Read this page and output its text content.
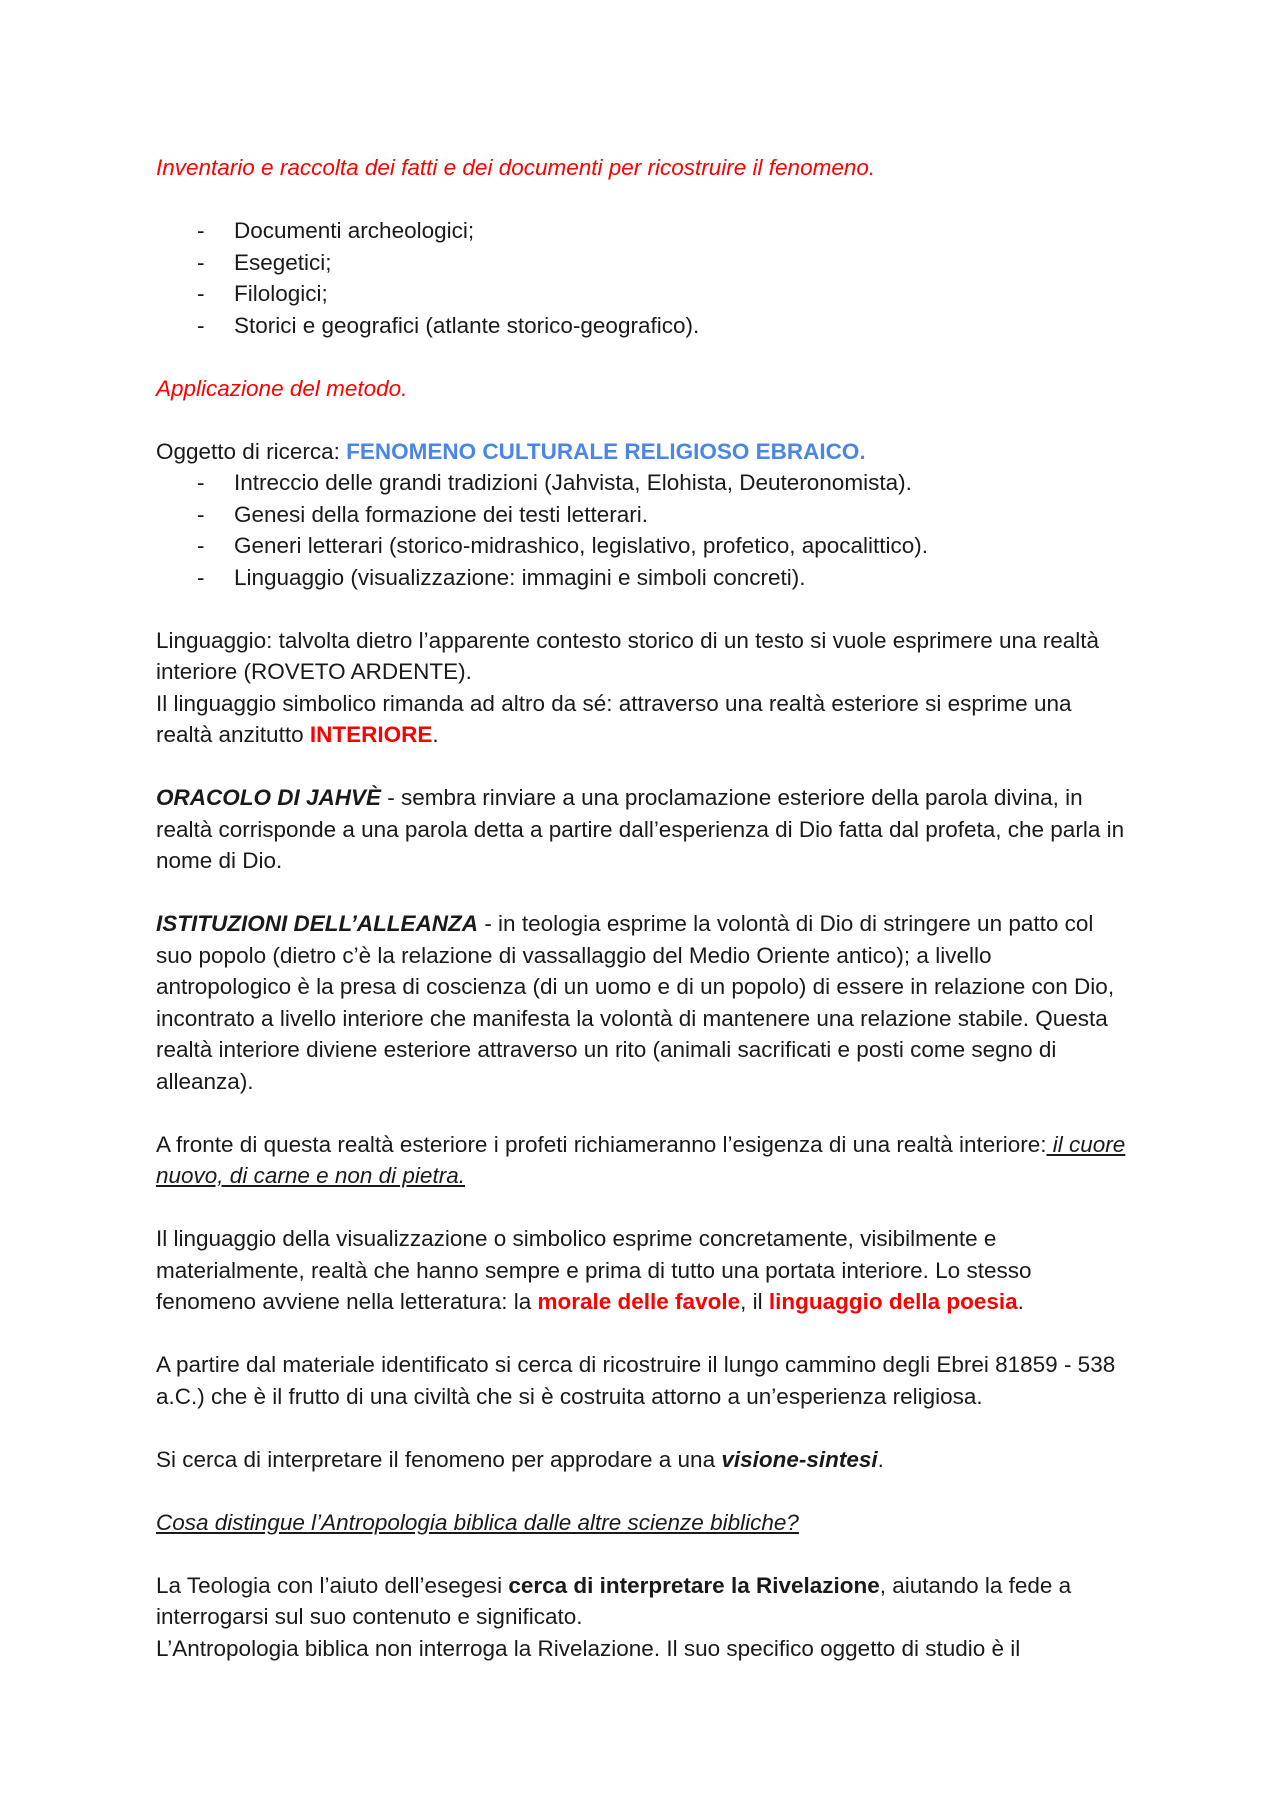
Inventario e raccolta dei fatti e dei documenti per ricostruire il fenomeno.

- Documenti archeologici;
- Esegetici;
- Filologici;
- Storici e geografici (atlante storico-geografico).

Applicazione del metodo.

Oggetto di ricerca: FENOMENO CULTURALE RELIGIOSO EBRAICO.

- Intreccio delle grandi tradizioni (Jahvista, Elohista, Deuteronomista).
- Genesi della formazione dei testi letterari.
- Generi letterari (storico-midrashico, legislativo, profetico, apocalittico).
- Linguaggio (visualizzazione: immagini e simboli concreti).

Linguaggio: talvolta dietro l’apparente contesto storico di un testo si vuole esprimere una realtà interiore (ROVETO ARDENTE).

Il linguaggio simbolico rimanda ad altro da sé: attraverso una realtà esteriore si esprime una realtà anzitutto INTERIORE.

ORACOLO DI JAHVÈ - sembra rinviare a una proclamazione esteriore della parola divina, in realtà corrisponde a una parola detta a partire dall’esperienza di Dio fatta dal profeta, che parla in nome di Dio.

ISTITUZIONI DELL’ALLEANZA - in teologia esprime la volontà di Dio di stringere un patto col suo popolo (dietro c’è la relazione di vassallaggio del Medio Oriente antico); a livello antropologico è la presa di coscienza (di un uomo e di un popolo) di essere in relazione con Dio, incontrato a livello interiore che manifesta la volontà di mantenere una relazione stabile. Questa realtà interiore diviene esteriore attraverso un rito (animali sacrificati e posti come segno di alleanza).

A fronte di questa realtà esteriore i profeti richiameranno l’esigenza di una realtà interiore: il cuore nuovo, di carne e non di pietra.

Il linguaggio della visualizzazione o simbolico esprime concretamente, visibilmente e materialmente, realtà che hanno sempre e prima di tutto una portata interiore. Lo stesso fenomeno avviene nella letteratura: la morale delle favole, il linguaggio della poesia.

A partire dal materiale identificato si cerca di ricostruire il lungo cammino degli Ebrei 81859 - 538 a.C.) che è il frutto di una civiltà che si è costruita attorno a un’esperienza religiosa.

Si cerca di interpretare il fenomeno per approdare a una visione-sintesi.

Cosa distingue l’Antropologia biblica dalle altre scienze bibliche?

La Teologia con l’aiuto dell’esegesi cerca di interpretare la Rivelazione, aiutando la fede a interrogarsi sul suo contenuto e significato.

L’Antropologia biblica non interroga la Rivelazione. Il suo specifico oggetto di studio è il
